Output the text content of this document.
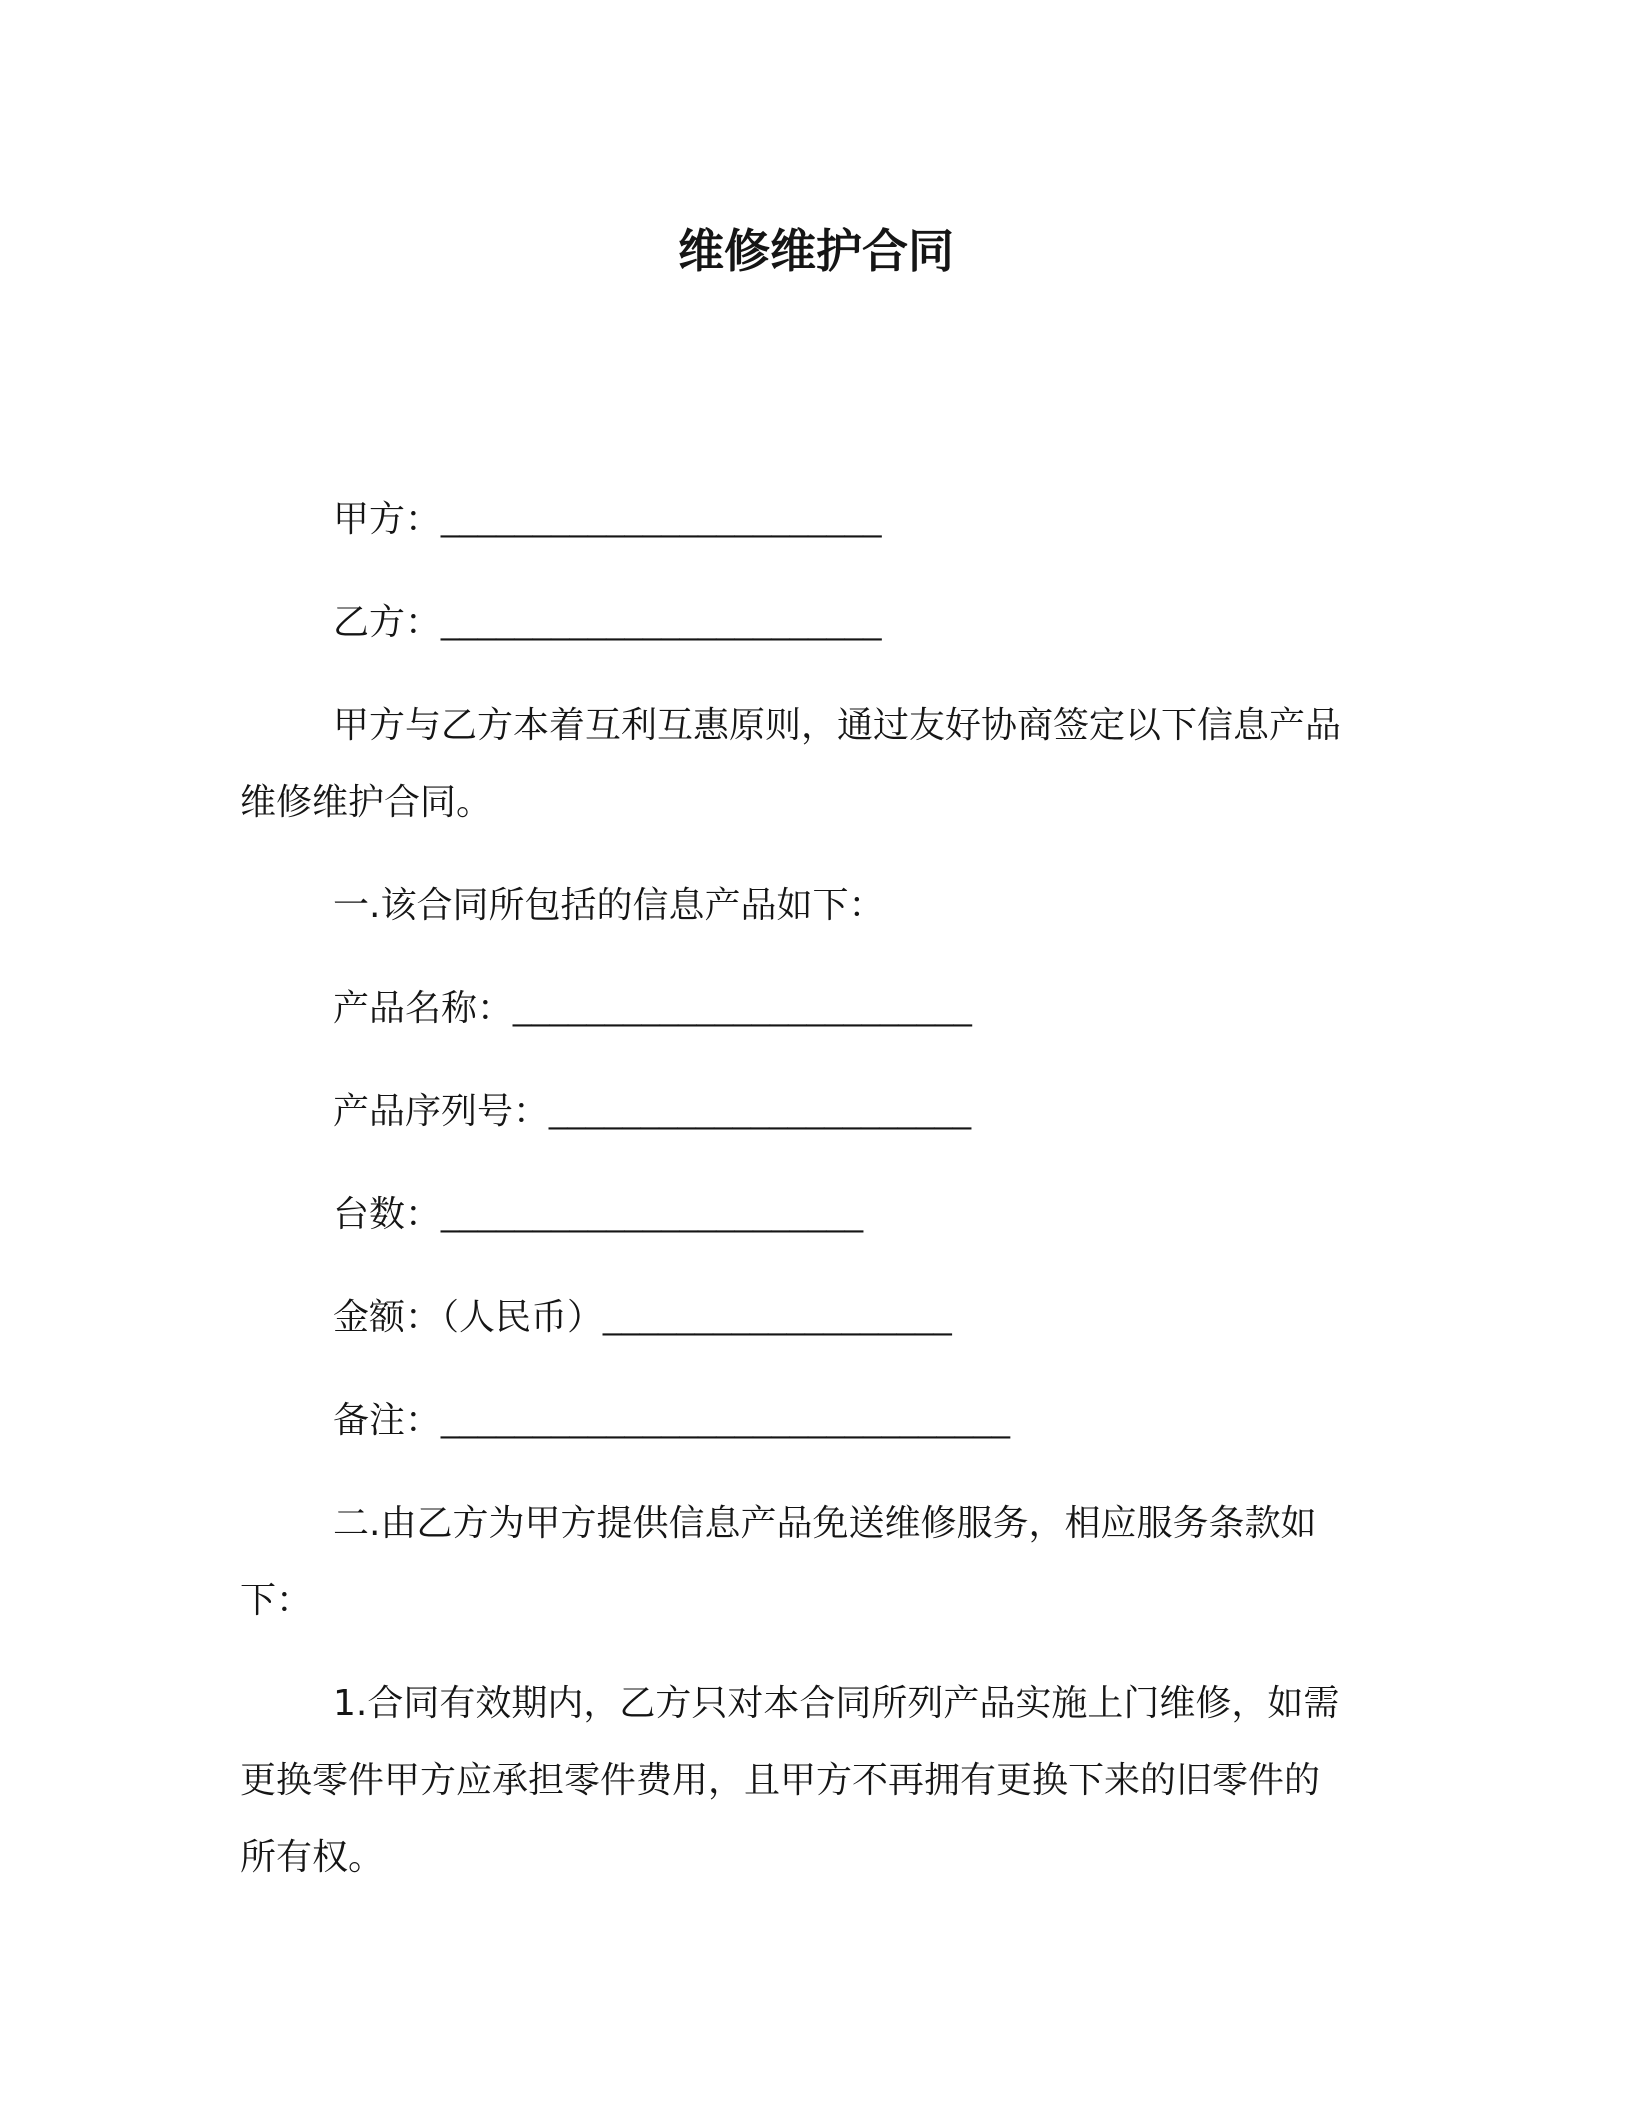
维修维护合同

甲方：________________________

乙方：________________________

甲方与乙方本着互利互惠原则，通过友好协商签定以下信息产品
维修维护合同。

一.该合同所包括的信息产品如下：

产品名称：_________________________

产品序列号：_______________________

台数：_______________________

金额：（人民币）___________________

备注：_______________________________

二.由乙方为甲方提供信息产品免送维修服务，相应服务条款如
下：

1.合同有效期内，乙方只对本合同所列产品实施上门维修，如需
更换零件甲方应承担零件费用，且甲方不再拥有更换下来的旧零件的
所有权。
